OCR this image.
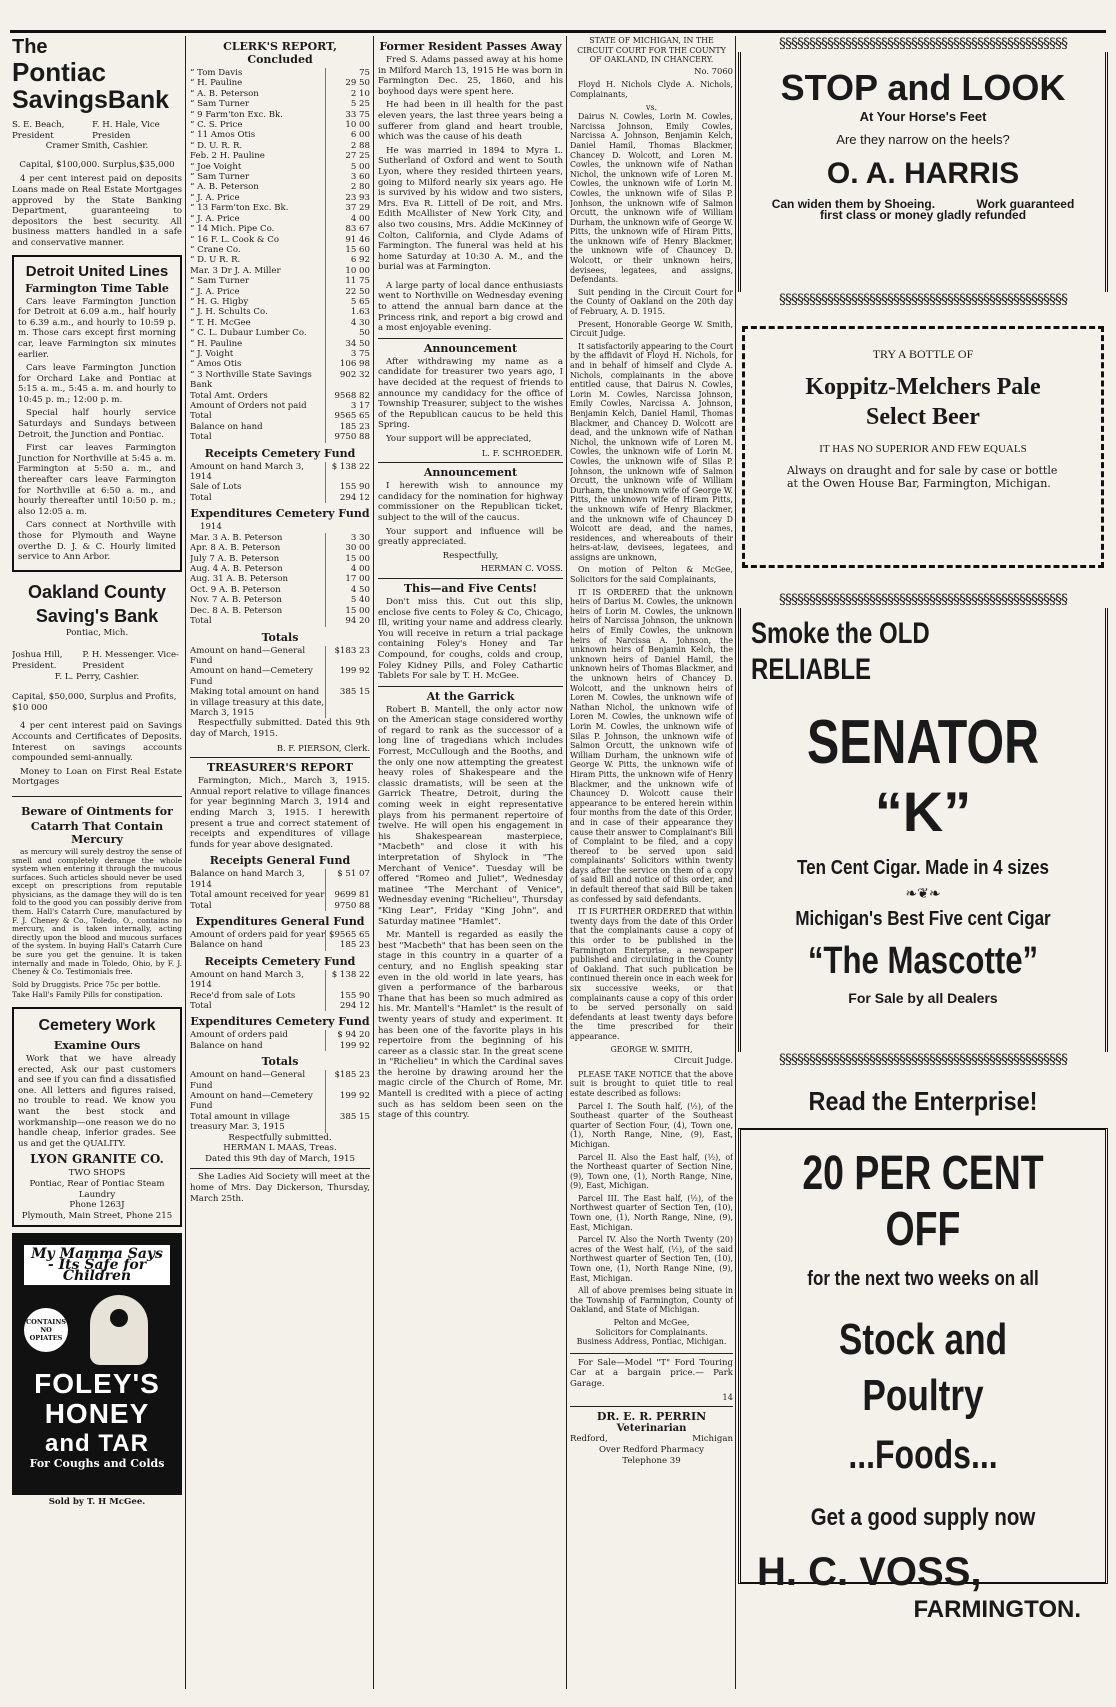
The
Pontiac
SavingsBank
S. E. Beach, President
F. H. Hale, Vice Presiden
Cramer Smith, Cashier.
Capital, $100,000. Surplus,$35,000

4 per cent interest paid on deposits Loans made on Real Estate Mortgages approved by the State Banking Department, guaranteeing to depositors the best security. All business matters handled in a safe and conservative manner.

Detroit United Lines
Farmington Time Table

Cars leave Farmington Junction for Detroit at 6.09 a.m., half hourly to 6.39 a.m., and hourly to 10:59 p. m. Those cars except first morning car, leave Farmington six minutes earlier.

Cars leave Farmington Junction for Orchard Lake and Pontiac at 5:15 a. m., 5:45 a. m. and hourly to 10:45 p. m.; 12:00 p. m.

Special half hourly service Saturdays and Sundays between Detroit, the Junction and Pontiac.

First car leaves Farmington Junction for Northville at 5:45 a. m. Farmington at 5:50 a. m., and thereafter cars leave Farmington for Northville at 6:50 a. m., and hourly thereafter until 10:50 p. m.; also 12:05 a. m.

Cars connect at Northville with those for Plymouth and Wayne overthe D. J. & C. Hourly limited service to Ann Arbor.

Oakland County
Saving's Bank
Pontiac, Mich.
Joshua Hill, President.
P. H. Messenger. Vice-President
F. L. Perry, Cashier.
Capital, $50,000, Surplus and Profits, $10 000

4 per cent interest paid on Savings Accounts and Certificates of Deposits. Interest on savings accounts compounded semi-annually.

Money to Loan on First Real Estate Mortgages

Beware of Ointments for
Catarrh That Contain Mercury

as mercury will surely destroy the sense of smell and completely derange the whole system when entering it through the mucous surfaces. Such articles should never be used except on prescriptions from reputable physicians, as the damage they will do is ten fold to the good you can possibly derive from them. Hall's Catarrh Cure, manufactured by F. J. Cheney & Co., Toledo, O., contains no mercury, and is taken internally, acting directly upon the blood and mucous surfaces of the system. In buying Hall's Catarrh Cure be sure you get the genuine. It is taken internally and made in Toledo, Ohio, by F. J. Cheney & Co. Testimonials free.

Sold by Druggists. Price 75c per bottle.
Take Hall's Family Pills for constipation.
Cemetery Work
Examine Ours

Work that we have already erected, Ask our past customers and see if you can find a dissatisfied one. All letters and figures raised, no trouble to read. We know you want the best stock and workmanship—one reason we do no handle cheap, inferior grades. See us and get the QUALITY.

LYON GRANITE CO.
TWO SHOPS
Pontiac, Rear of Pontiac Steam Laundry
Phone 1263J
Plymouth, Main Street, Phone 215
My Mamma Says - Its Safe for Children
CONTAINS NO OPIATES
FOLEY'S
HONEY
and TAR
For Coughs and Colds
Sold by T. H McGee.
CLERK'S REPORT, Concluded
“ Tom Davis	75
“ H. Pauline	29 50
“ A. B. Peterson	2 10
“ Sam Turner	5 25
“ 9 Farm'ton Exc. Bk.	33 75
“ C. S. Price	10 00
“ 11 Amos Otis	6 00
“ D. U. R. R.	2 88
Feb. 2 H. Pauline	27 25
“ Joe Voight	5 00
“ Sam Turner	3 60
“ A. B. Peterson	2 80
“ J. A. Price	23 93
“ 13 Farm'ton Exc. Bk.	37 29
“ J. A. Price	4 00
“ 14 Mich. Pipe Co.	83 67
“ 16 F. L. Cook & Co	91 46
“ Crane Co.	15 60
“ D. U R. R.	6 92
Mar. 3 Dr J. A. Miller	10 00
“ Sam Turner	11 75
“ J. A. Price	22 50
“ H. G. Higby	5 65
“ J. H. Schults Co.	1.63
“ T. H. McGee	4 30
“ C. L. Dubaur Lumber Co.	50
“ H. Pauline	34 50
“ J. Voight	3 75
“ Amos Otis	106 98
“ 3 Northville State Savings Bank	902 32
Total Amt. Orders	9568 82
Amount of Orders not paid	3 17
Total	9565 65
Balance on hand	185 23
Total	9750 88
Receipts Cemetery Fund
Amount on hand March 3, 1914	$ 138 22
Sale of Lots	155 90
Total	294 12
Expenditures Cemetery Fund
1914
Mar. 3 A. B. Peterson	3 30
Apr. 8 A. B. Peterson	30 00
July 7 A. B. Peterson	15 00
Aug. 4 A. B. Peterson	4 00
Aug. 31 A. B. Peterson	17 00
Oct. 9 A. B. Peterson	4 50
Nov. 7 A. B. Peterson	5 40
Dec. 8 A. B. Peterson	15 00
Total	94 20
Totals
Amount on hand—General Fund	$183 23
Amount on hand—Cemetery Fund	199 92
Making total amount on hand in village treasury at this date, March 3, 1915	385 15

Respectfully submitted. Dated this 9th day of March, 1915.

B. F. PIERSON, Clerk.
TREASURER'S REPORT

Farmington, Mich., March 3, 1915. Annual report relative to village finances for year beginning March 3, 1914 and ending March 3, 1915. I herewith present a true and correct statement of receipts and expenditures of village funds for year above designated.

Receipts General Fund
Balance on hand March 3, 1914	$ 51 07
Total amount received for year	9699 81
Total	9750 88
Expenditures General Fund
Amount of orders paid for year	$9565 65
Balance on hand	185 23
Receipts Cemetery Fund
Amount on hand March 3, 1914	$ 138 22
Rece'd from sale of Lots	155 90
Total	294 12
Expenditures Cemetery Fund
Amount of orders paid	$ 94 20
Balance on hand	199 92
Totals
Amount on hand—General Fund	$185 23
Amount on hand—Cemetery Fund	199 92
Total amount in village treasury Mar. 3, 1915	385 15
Respectfully submitted.
HERMAN L MAAS, Treas.
Dated this 9th day of March, 1915

She Ladies Aid Society will meet at the home of Mrs. Day Dickerson, Thursday, March 25th.

Former Resident Passes Away

Fred S. Adams passed away at his home in Milford March 13, 1915 He was born in Farmington Dec. 25, 1860, and his boyhood days were spent here.

He had been in ill health for the past eleven years, the last three years being a sufferer from gland and heart trouble, which was the cause of his death

He was married in 1894 to Myra L. Sutherland of Oxford and went to South Lyon, where they resided thirteen years, going to Milford nearly six years ago. He is survived by his widow and two sisters, Mrs. Eva R. Littell of De roit, and Mrs. Edith McAllister of New York City, and also two cousins, Mrs. Addie McKinney of Colton, California, and Clyde Adams of Farmington. The funeral was held at his home Saturday at 10:30 A. M., and the burial was at Farmington.

A large party of local dance enthusiasts went to Northville on Wednesday evening to attend the annual barn dance at the Princess rink, and report a big crowd and a most enjoyable evening.

Announcement

After withdrawing my name as a candidate for treasurer two years ago, I have decided at the request of friends to announce my candidacy for the office of Township Treasurer, subject to the wishes of the Republican caucus to be held this Spring.

Your support will be appreciated,

L. F. SCHROEDER.
Announcement

I herewith wish to announce my candidacy for the nomination for highway commissioner on the Republican ticket, subject to the will of the caucus.

Your support and influence will be greatly appreciated.

Respectfully,
HERMAN C. VOSS.
This—and Five Cents!

Don't miss this. Cut out this slip, enclose five cents to Foley & Co, Chicago, Ill, writing your name and address clearly. You will receive in return a trial package containing Foley's Honey and Tar Compound, for coughs, colds and croup, Foley Kidney Pills, and Foley Cathartic Tablets For sale by T. H. McGee.

At the Garrick

Robert B. Mantell, the only actor now on the American stage considered worthy of regard to rank as the successor of a long line of tragedians which includes Forrest, McCullough and the Booths, and the only one now attempting the greatest heavy roles of Shakespeare and the classic dramatists, will be seen at the Garrick Theatre, Detroit, during the coming week in eight representative plays from his permanent repertoire of twelve. He will open his engagement in his Shakespearean masterpiece, "Macbeth" and close it with his interpretation of Shylock in "The Merchant of Venice". Tuesday will be offered "Romeo and Juliet", Wednesday matinee "The Merchant of Venice", Wednesday evening "Richelieu", Thursday "King Lear", Friday "King John", and Saturday matinee "Hamlet".

Mr. Mantell is regarded as easily the best "Macbeth" that has been seen on the stage in this country in a quarter of a century, and no English speaking star even in the old world in late years, has given a performance of the barbarous Thane that has been so much admired as his. Mr. Mantell's "Hamlet" is the result of twenty years of study and experiment. It has been one of the favorite plays in his repertoire from the beginning of his career as a classic star. In the great scene in "Richelieu" in which the Cardinal saves the heroine by drawing around her the magic circle of the Church of Rome, Mr. Mantell is credited with a piece of acting such as has seldom been seen on the stage of this country.

STATE OF MICHIGAN, IN THE
CIRCUIT COURT FOR THE COUNTY
OF OAKLAND, IN CHANCERY.
No. 7060

Floyd H. Nichols Clyde A. Nichols, Complainants,

vs.

Dairus N. Cowles, Lorin M. Cowles, Narcissa Johnson, Emily Cowles, Narcissa A. Johnson, Benjamin Kelch, Daniel Hamil, Thomas Blackmer, Chancey D. Wolcott, and Loren M. Cowles, the unknown wife of Nathan Nichol, the unknown wife of Loren M. Cowles, the unknown wife of Lorin M. Cowles, the unknown wife of Silas P. Jonhson, the unknown wife of Salmon Orcutt, the unknown wife of William Durham, the unknown wife of George W. Pitts, the unknown wife of Hiram Pitts, the unknown wife of Henry Blackmer, the unknown wife of Chauncey D. Wolcott, or their unknown heirs, devisees, legatees, and assigns, Defendants.

Suit pending in the Circuit Court for the County of Oakland on the 20th day of February, A. D. 1915.

Present, Honorable George W. Smith, Circuit Judge.

It satisfactorily appearing to the Court by the affidavit of Floyd H. Nichols, for and in behalf of himself and Clyde A. Nichols, complainants in the above entitled cause, that Dairus N. Cowles, Lorin M. Cowles, Narcissa Johnson, Emily Cowles, Narcissa A. Johnson, Benjamin Kelch, Daniel Hamil, Thomas Blackmer, and Chancey D. Wolcott are dead, and the unknown wife of Nathan Nichol, the unknown wife of Loren M. Cowles, the unknown wife of Lorin M. Cowles, the unknown wife of Silas P. Johnson, the unknown wife of Salmon Orcutt, the unknown wife of William Durham, the unknown wife of George W. Pitts, the unknown wife of Hiram Pitts, the unknown wife of Henry Blackmer, and the unknown wife of Chauncey D Wolcott are dead, and the names, residences, and whereabouts of their heirs-at-law, devisees, legatees, and assigns are unknown,

On motion of Pelton & McGee, Solicitors for the said Complainants,

IT IS ORDERED that the unknown heirs of Darius M. Cowles, the unknown heirs of Lorin M. Cowles, the unknown heirs of Narcissa Johnson, the unknown heirs of Emily Cowles, the unknown heirs of Narcissa A. Johnson, the unknown heirs of Benjamin Kelch, the unknown heirs of Daniel Hamil, the unknown heirs of Thomas Blackmer, and the unknown heirs of Chancey D. Wolcott, and the unknown heirs of Loren M. Cowles, the unknown wife of Nathan Nichol, the unknown wife of Loren M. Cowles, the unknown wife of Lorin M. Cowles, the unknown wife of Silas P. Johnson, the unknown wife of Salmon Orcutt, the unknown wife of William Durham, the unknown wife of George W. Pitts, the unknown wife of Hiram Pitts, the unknown wife of Henry Blackmer, and the unknown wife of Chauncey D. Wolcott cause their appearance to be entered herein within four months from the date of this Order, and in case of their appearance they cause their answer to Complainant's Bill of Complaint to be filed, and a copy thereof to be served upon said complainants' Solicitors within twenty days after the service on them of a copy of said Bill and notice of this order, and in default thereof that said Bill be taken as confessed by said defendants.

IT IS FURTHER ORDERED that within twenty days from the date of this Order that the complainants cause a copy of this order to be published in the Farmington Enterprise, a newspaper published and circulating in the County of Oakland. That such publication be continued therein once in each week for six successive weeks, or that complainants cause a copy of this order to be served personally on said defendants at least twenty days before the time prescribed for their appearance.

GEORGE W. SMITH,
Circuit Judge.

PLEASE TAKE NOTICE that the above suit is brought to quiet title to real estate described as follows:

Parcel I. The South half, (½), of the Southeast quarter of the Southeast quarter of Section Four, (4), Town one, (1), North Range, Nine, (9), East, Michigan.

Parcel II. Also the East half, (½), of the Northeast quarter of Section Nine, (9), Town one, (1), North Range, Nine, (9), East, Michigan.

Parcel III. The East half, (½), of the Northwest quarter of Section Ten, (10), Town one, (1), North Range, Nine, (9), East, Michigan.

Parcel IV. Also the North Twenty (20) acres of the West half, (½), of the said Northwest quarter of Section Ten, (10), Town one, (1), North Range Nine, (9), East, Michigan.

All of above premises being situate in the Township of Farmington, County of Oakland, and State of Michigan.

Pelton and McGee,
Solicitors for Complainants.
Business Address, Pontiac, Michigan.

For Sale—Model "T" Ford Touring Car at a bargain price.— Park Garage.

14
DR. E. R. PERRIN
Veterinarian
Redford,	Michigan
Over Redford Pharmacy
Telephone 39
§§§§§§§§§§§§§§§§§§§§§§§§§§§§§§§§§§§§§§§§§§§§§§§§
STOP and LOOK
At Your Horse's Feet
Are they narrow on the heels?
O. A. HARRIS
Can widen them by Shoeing.	Work guaranteed
first class or money gladly refunded
§§§§§§§§§§§§§§§§§§§§§§§§§§§§§§§§§§§§§§§§§§§§§§§§
TRY A BOTTLE OF
Koppitz-Melchers Pale
Select Beer
IT HAS NO SUPERIOR AND FEW EQUALS

Always on draught and for sale by case or bottle at the Owen House Bar, Farmington, Michigan.

§§§§§§§§§§§§§§§§§§§§§§§§§§§§§§§§§§§§§§§§§§§§§§§§
Smoke the OLD
RELIABLE
SENATOR
“K”
Ten Cent Cigar. Made in 4 sizes
❧❦❧
Michigan's Best Five cent Cigar
“The Mascotte”
For Sale by all Dealers
§§§§§§§§§§§§§§§§§§§§§§§§§§§§§§§§§§§§§§§§§§§§§§§§
Read the Enterprise!
20 PER CENT OFF
for the next two weeks on all
Stock and Poultry
...Foods...
Get a good supply now
H. C. VOSS,
FARMINGTON.
